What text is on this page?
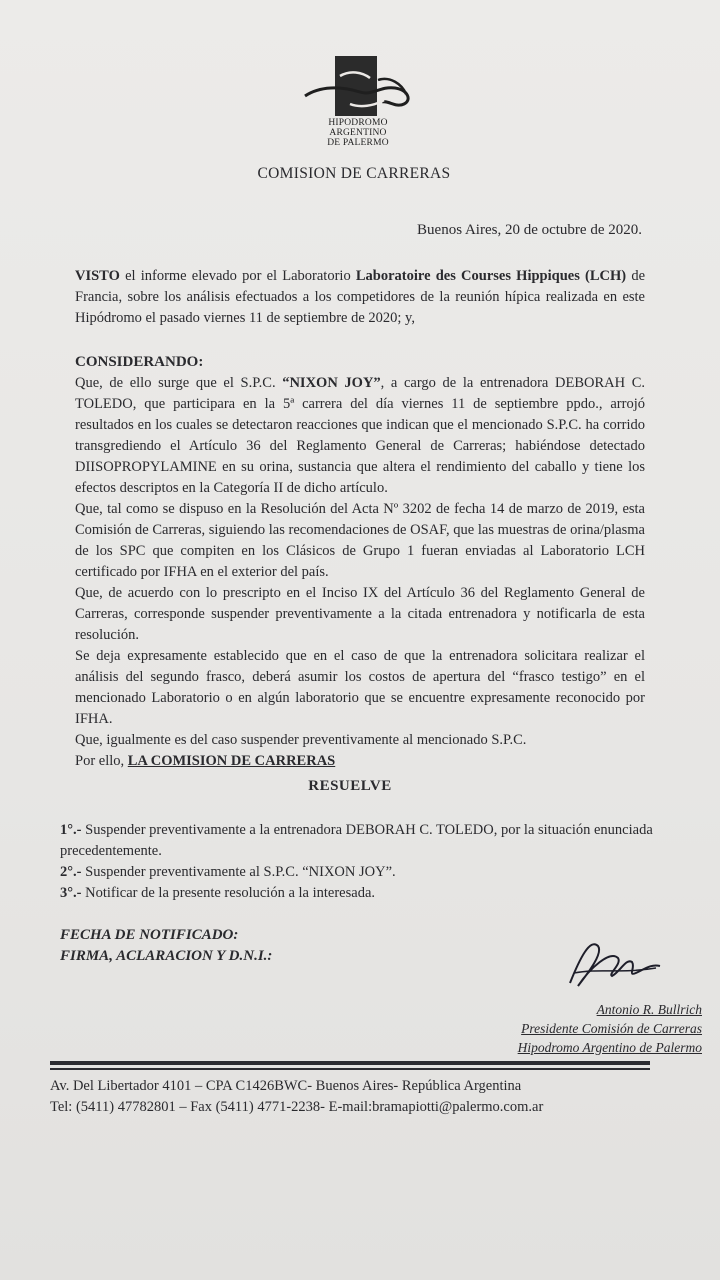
HIPODROMO
ARGENTINO
DE PALERMO
COMISION DE CARRERAS
Buenos Aires, 20 de octubre de 2020.

VISTO el informe elevado por el Laboratorio Laboratoire des Courses Hippiques (LCH) de Francia, sobre los análisis efectuados a los competidores de la reunión hípica realizada en este Hipódromo el pasado viernes 11 de septiembre de 2020; y,

CONSIDERANDO:

Que, de ello surge que el S.P.C. “NIXON JOY”, a cargo de la entrenadora DEBORAH C. TOLEDO, que participara en la 5ª carrera del día viernes 11 de septiembre ppdo., arrojó resultados en los cuales se detectaron reacciones que indican que el mencionado S.P.C. ha corrido transgrediendo el Artículo 36 del Reglamento General de Carreras; habiéndose detectado DIISOPROPYLAMINE en su orina, sustancia que altera el rendimiento del caballo y tiene los efectos descriptos en la Categoría II de dicho artículo.

Que, tal como se dispuso en la Resolución del Acta Nº 3202 de fecha 14 de marzo de 2019, esta Comisión de Carreras, siguiendo las recomendaciones de OSAF, que las muestras de orina/plasma de los SPC que compiten en los Clásicos de Grupo 1 fueran enviadas al Laboratorio LCH certificado por IFHA en el exterior del país.

Que, de acuerdo con lo prescripto en el Inciso IX del Artículo 36 del Reglamento General de Carreras, corresponde suspender preventivamente a la citada entrenadora y notificarla de esta resolución.

Se deja expresamente establecido que en el caso de que la entrenadora solicitara realizar el análisis del segundo frasco, deberá asumir los costos de apertura del “frasco testigo” en el mencionado Laboratorio o en algún laboratorio que se encuentre expresamente reconocido por IFHA.

Que, igualmente es del caso suspender preventivamente al mencionado S.P.C.

Por ello, LA COMISION DE CARRERAS

RESUELVE

1°.- Suspender preventivamente a la entrenadora DEBORAH C. TOLEDO, por la situación enunciada precedentemente.

2°.- Suspender preventivamente al S.P.C. “NIXON JOY”.

3°.- Notificar de la presente resolución a la interesada.

FECHA DE NOTIFICADO:
FIRMA, ACLARACION Y D.N.I.:
Antonio R. Bullrich
Presidente Comisión de Carreras
Hipodromo Argentino de Palermo

Av. Del Libertador 4101 – CPA C1426BWC- Buenos Aires- República Argentina

Tel: (5411) 47782801 – Fax (5411) 4771-2238- E-mail:bramapiotti@palermo.com.ar
